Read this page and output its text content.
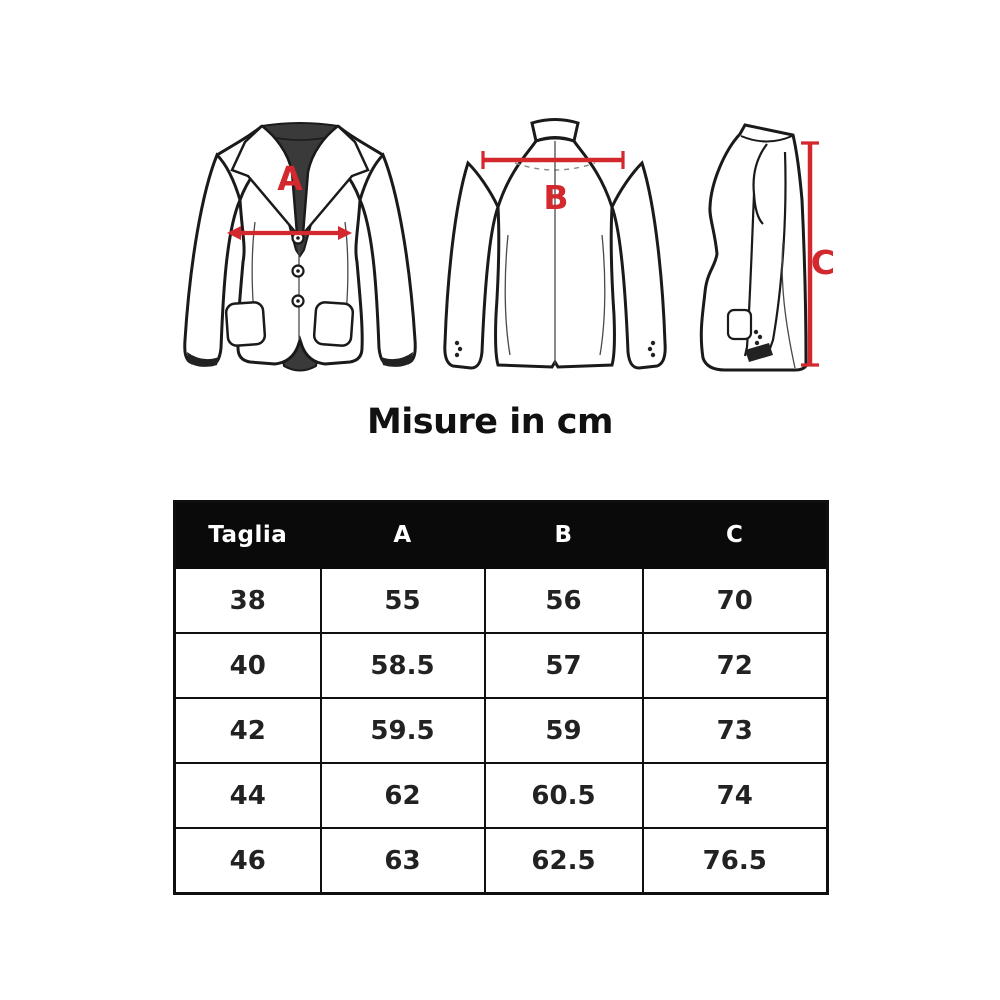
A	B
C
Misure in cm
Taglia	A	B	C
38	55	56	70
40	58.5	57	72
42	59.5	59	73
44	62	60.5	74
46	63	62.5	76.5
